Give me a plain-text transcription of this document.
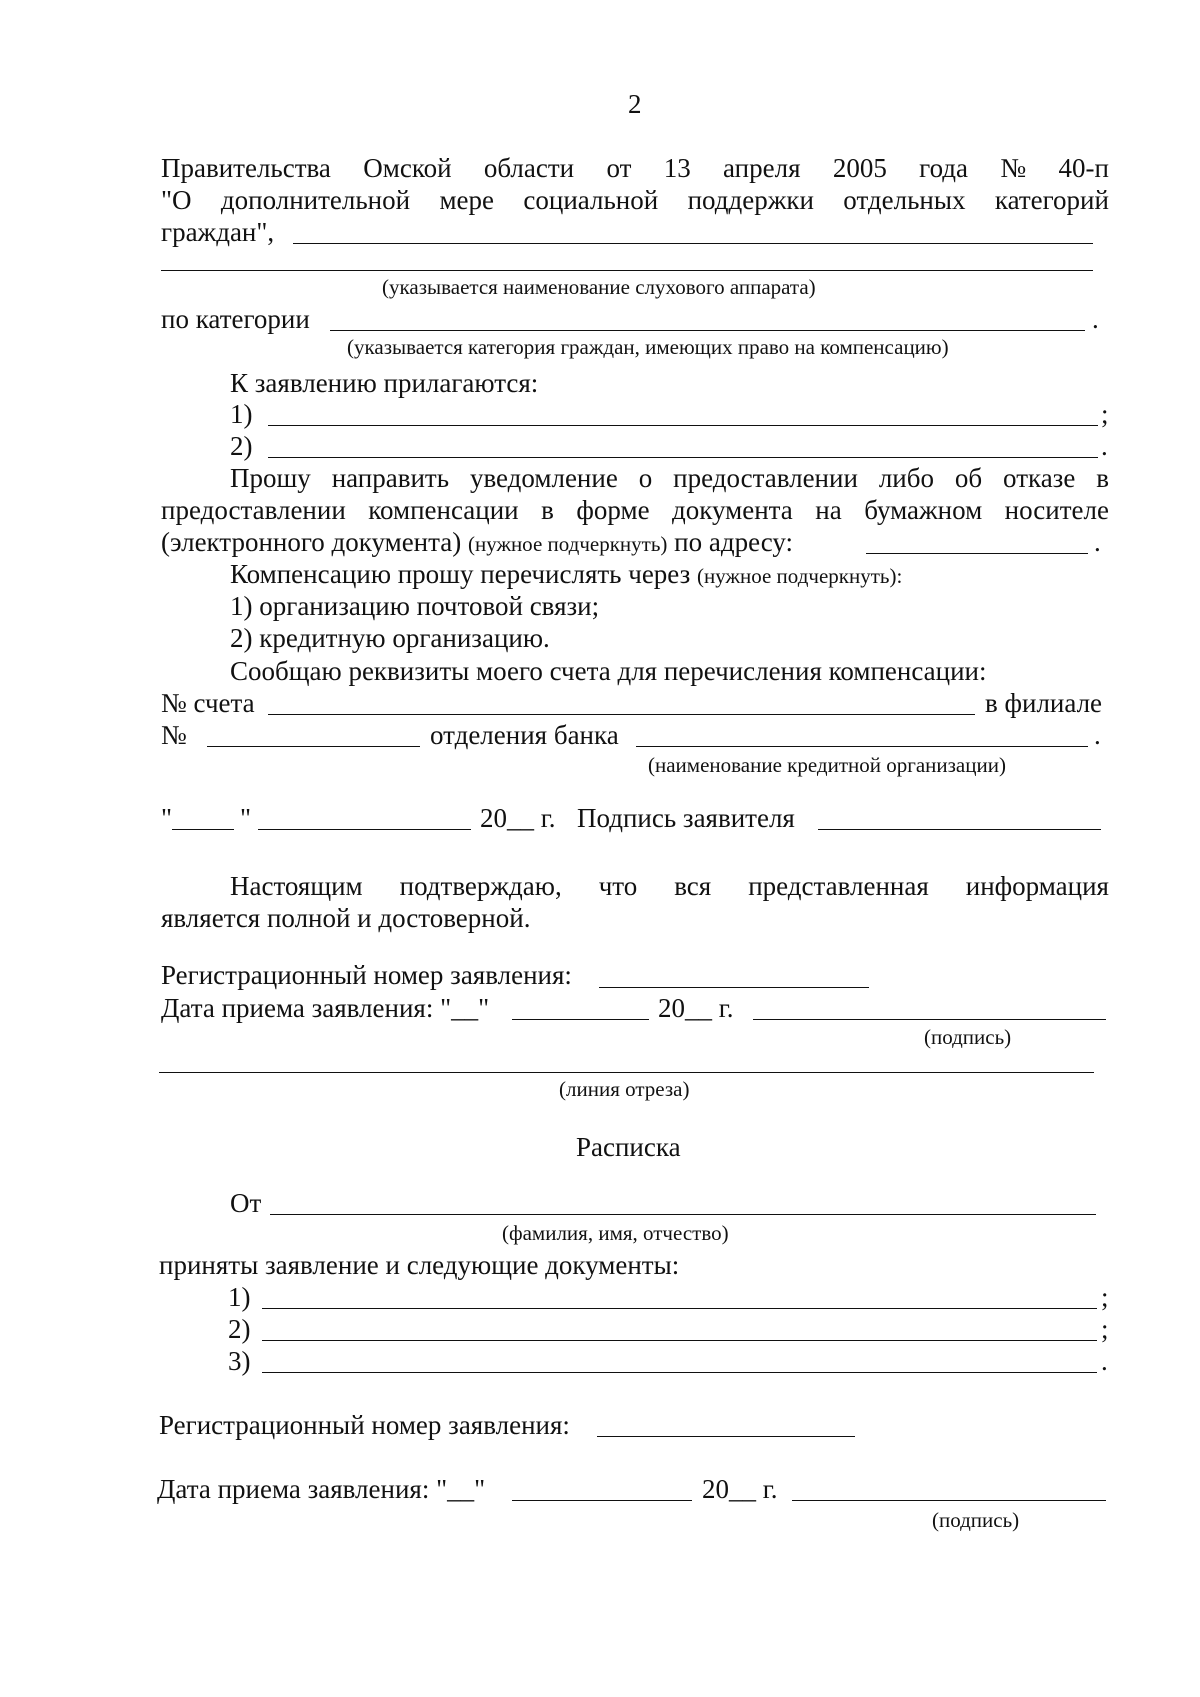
2
Правительства Омской области от 13 апреля 2005 года № 40-п
"О дополнительной мере социальной поддержки отдельных категорий
граждан",
(указывается наименование слухового аппарата)
по категории	.
(указывается категория граждан, имеющих право на компенсацию)
К заявлению прилагаются:
1)	;
2)	.
Прошу направить уведомление о предоставлении либо об отказе в
предоставлении компенсации в форме документа на бумажном носителе
(электронного документа) (нужное подчеркнуть) по адресу:	.
Компенсацию прошу перечислять через (нужное подчеркнуть):
1) организацию почтовой связи;
2) кредитную организацию.
Сообщаю реквизиты моего счета для перечисления компенсации:
№ счета	в филиале
№	отделения банка	.
(наименование кредитной организации)
"	"	20__ г. Подпись заявителя
Настоящим подтверждаю, что вся представленная информация
является полной и достоверной.
Регистрационный номер заявления:
Дата приема заявления: "__"	20__ г.
(подпись)
(линия отреза)
Расписка
От
(фамилия, имя, отчество)
приняты заявление и следующие документы:
1)	;
2)	;
3)	.
Регистрационный номер заявления:
Дата приема заявления: "__"	20__ г.
(подпись)
